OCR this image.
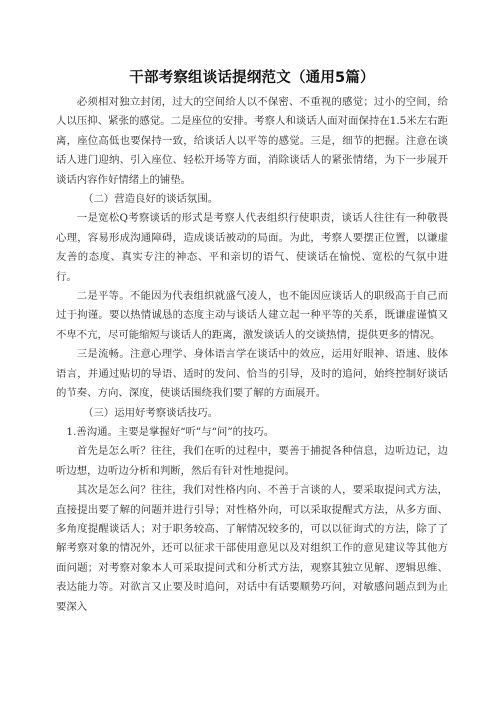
干部考察组谈话提纲范文（通用5篇）

必须相对独立封闭，过大的空间给人以不保密、不重视的感觉；过小的空间，给人以压抑、紧张的感觉。二是座位的安排。考察人和谈话人面对面保持在1.5米左右距离，座位高低也要保持一致，给谈话人以平等的感觉。三是，细节的把握。注意在谈话人进门迎纳、引入座位、轻松开场等方面，消除谈话人的紧张情绪，为下一步展开谈话内容作好情绪上的铺垫。

（二）营造良好的谈话氛围。

一是宽松Q考察谈话的形式是考察人代表组织行使职责，谈话人往往有一种敬畏心理，容易形成沟通障碍，造成谈话被动的局面。为此，考察人要摆正位置，以谦虚友善的态度、真实专注的神态、平和亲切的语气、使谈话在愉悦、宽松的气氛中进行。

二是平等。不能因为代表组织就盛气凌人，也不能因应谈话人的职级高于自己而过于拘谨。要以热情诚恳的态度主动与谈话人建立起一种平等的关系，既谦虚谨慎又不卑不亢，尽可能缩短与谈话人的距离，激发谈话人的交谈热情，提供更多的情况。

三是流畅。注意心理学、身体语言学在谈话中的效应，运用好眼神、语速、肢体语言，并通过贴切的导语、适时的发问、恰当的引导，及时的追问，始终控制好谈话的节奏、方向、深度，使谈话围绕我们要了解的方面展开。

（三）运用好考察谈话技巧。

1.善沟通。主要是掌握好“听”与“问”的技巧。

首先是怎么听？往往，我们在听的过程中，要善于捕捉各种信息，边听边记，边听边想，边听边分析和判断，然后有针对性地提问。

其次是怎么问？往往，我们对性格内向、不善于言谈的人，要采取提问式方法，直接提出要了解的问题并进行引导；对性格外向，可以采取提醒式方法，从多方面、多角度提醒谈话人；对于职务较高、了解情况较多的，可以以征询式的方法，除了了解考察对象的情况外，还可以征求干部使用意见以及对组织工作的意见建议等其他方面问题；对考察对象本人可采取提问式和分析式方法，观察其独立见解、逻辑思维、表达能力等。对欲言又止要及时追问，对话中有话要顺势巧问，对敏感问题点到为止要深入
